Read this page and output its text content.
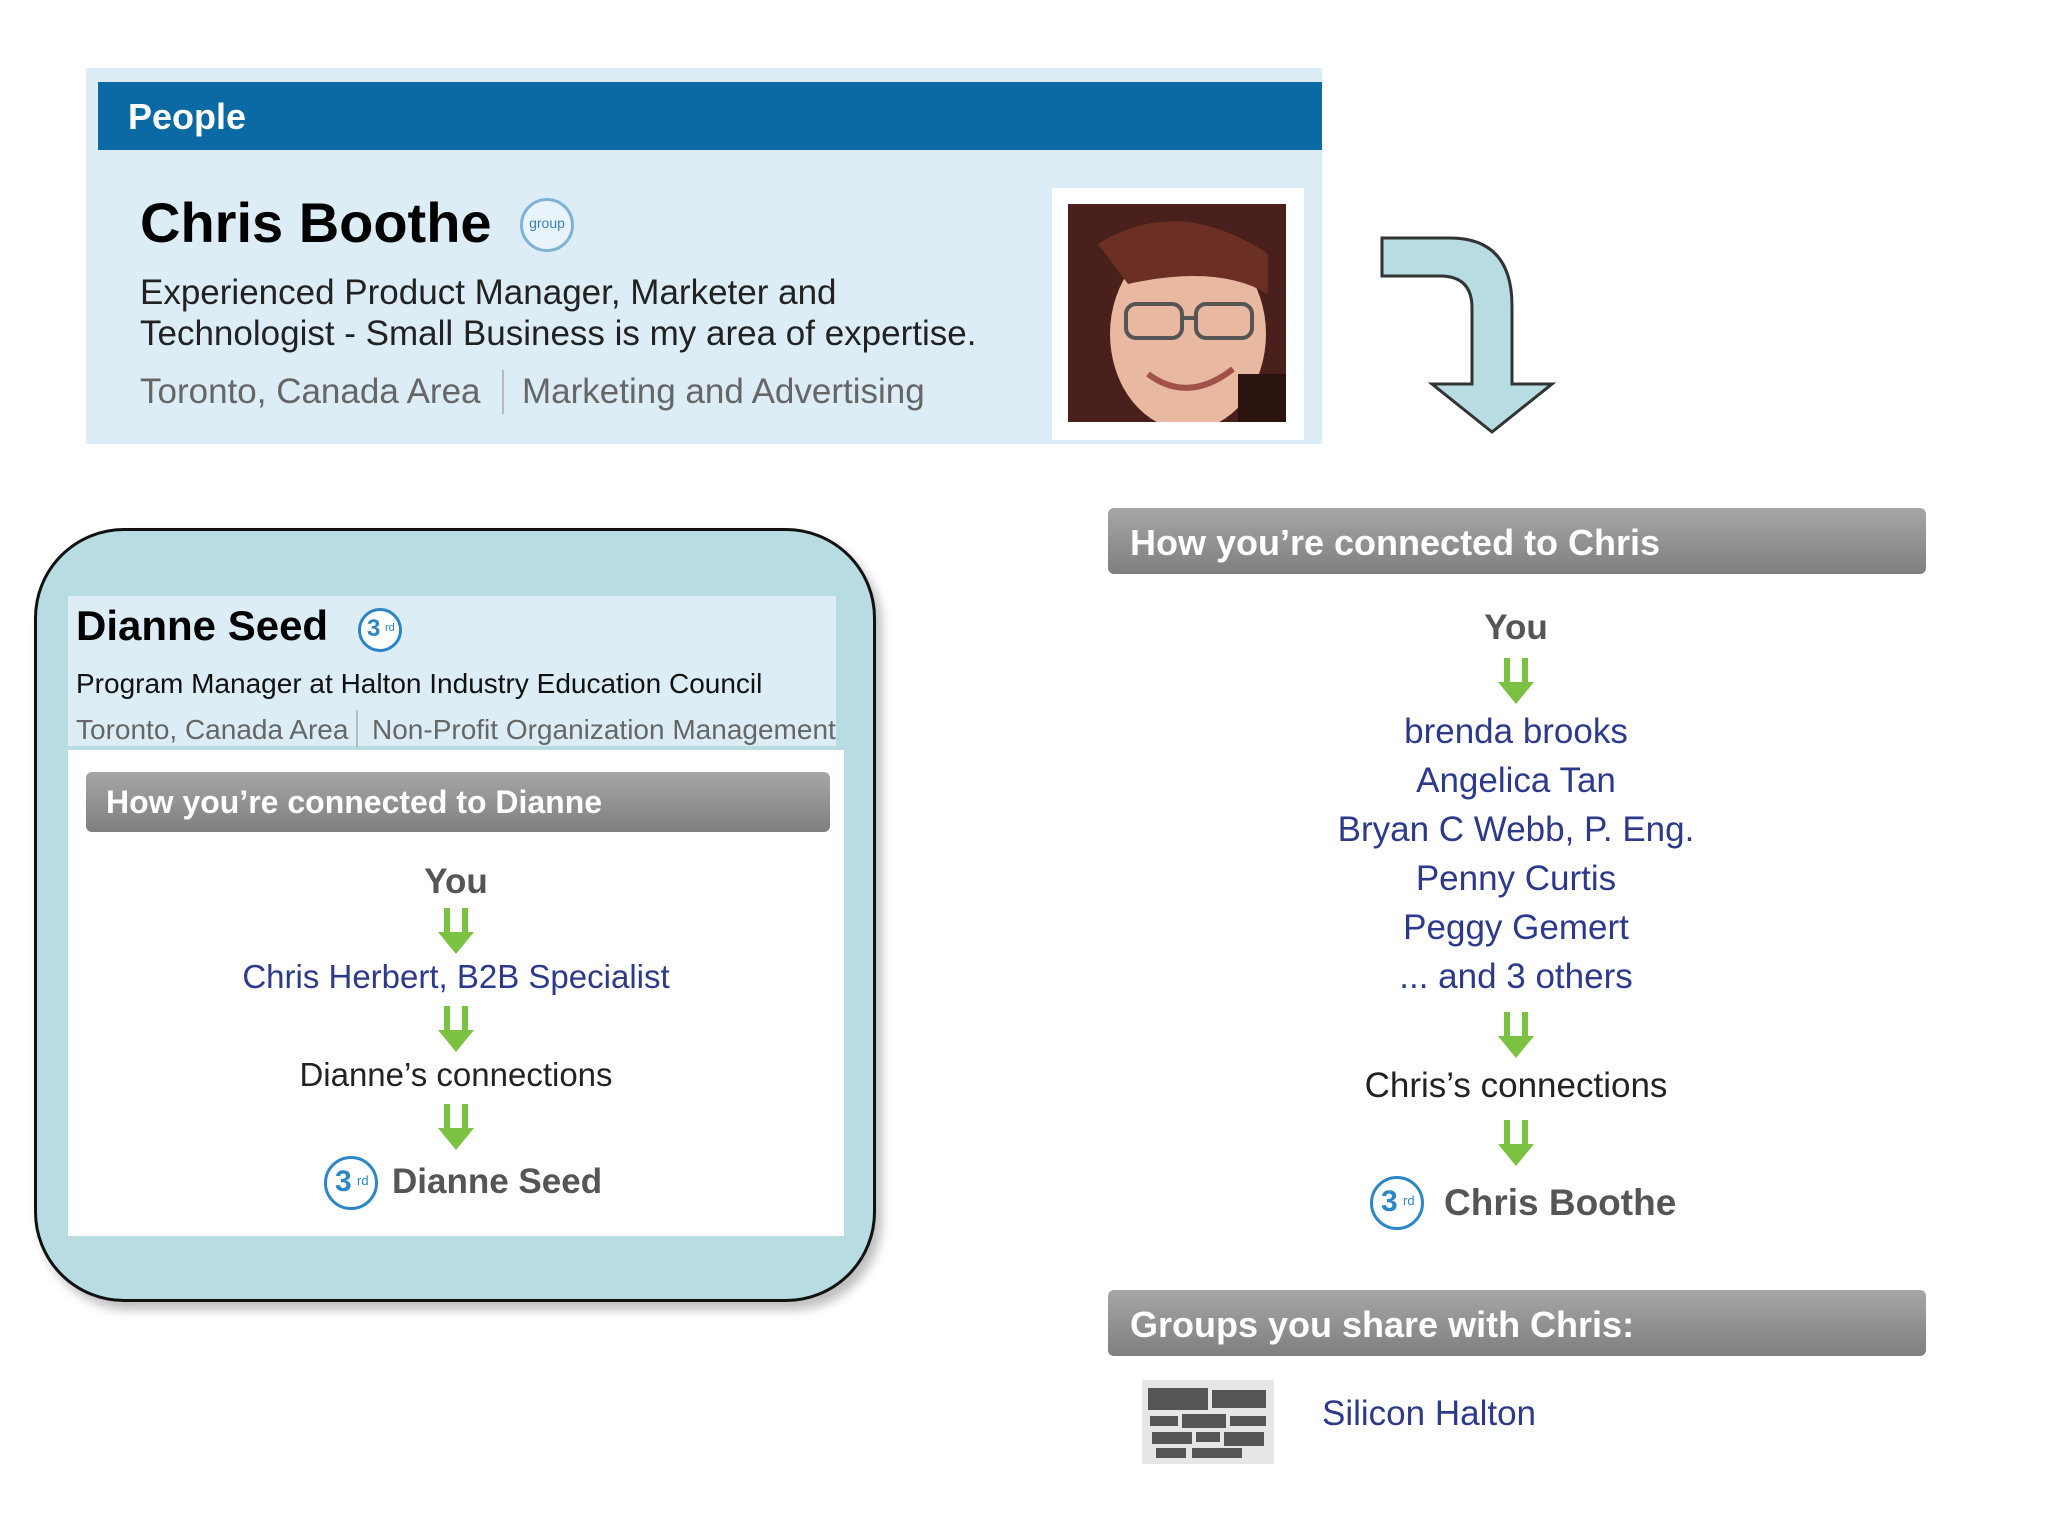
People
Chris Boothe	group
Experienced Product Manager, Marketer and Technologist - Small Business is my area of expertise.
Toronto, Canada Area Marketing and Advertising
How you’re connected to Chris
You
brenda brooks
Angelica Tan
Bryan C Webb, P. Eng.
Penny Curtis
Peggy Gemert
... and 3 others
Chris’s connections
3 rd Chris Boothe
Groups you share with Chris:
Silicon Halton
Dianne Seed 3 rd
Program Manager at Halton Industry Education Council
Toronto, Canada Area Non-Profit Organization Management
How you’re connected to Dianne
You
Chris Herbert, B2B Specialist
Dianne’s connections
3 rd Dianne Seed
